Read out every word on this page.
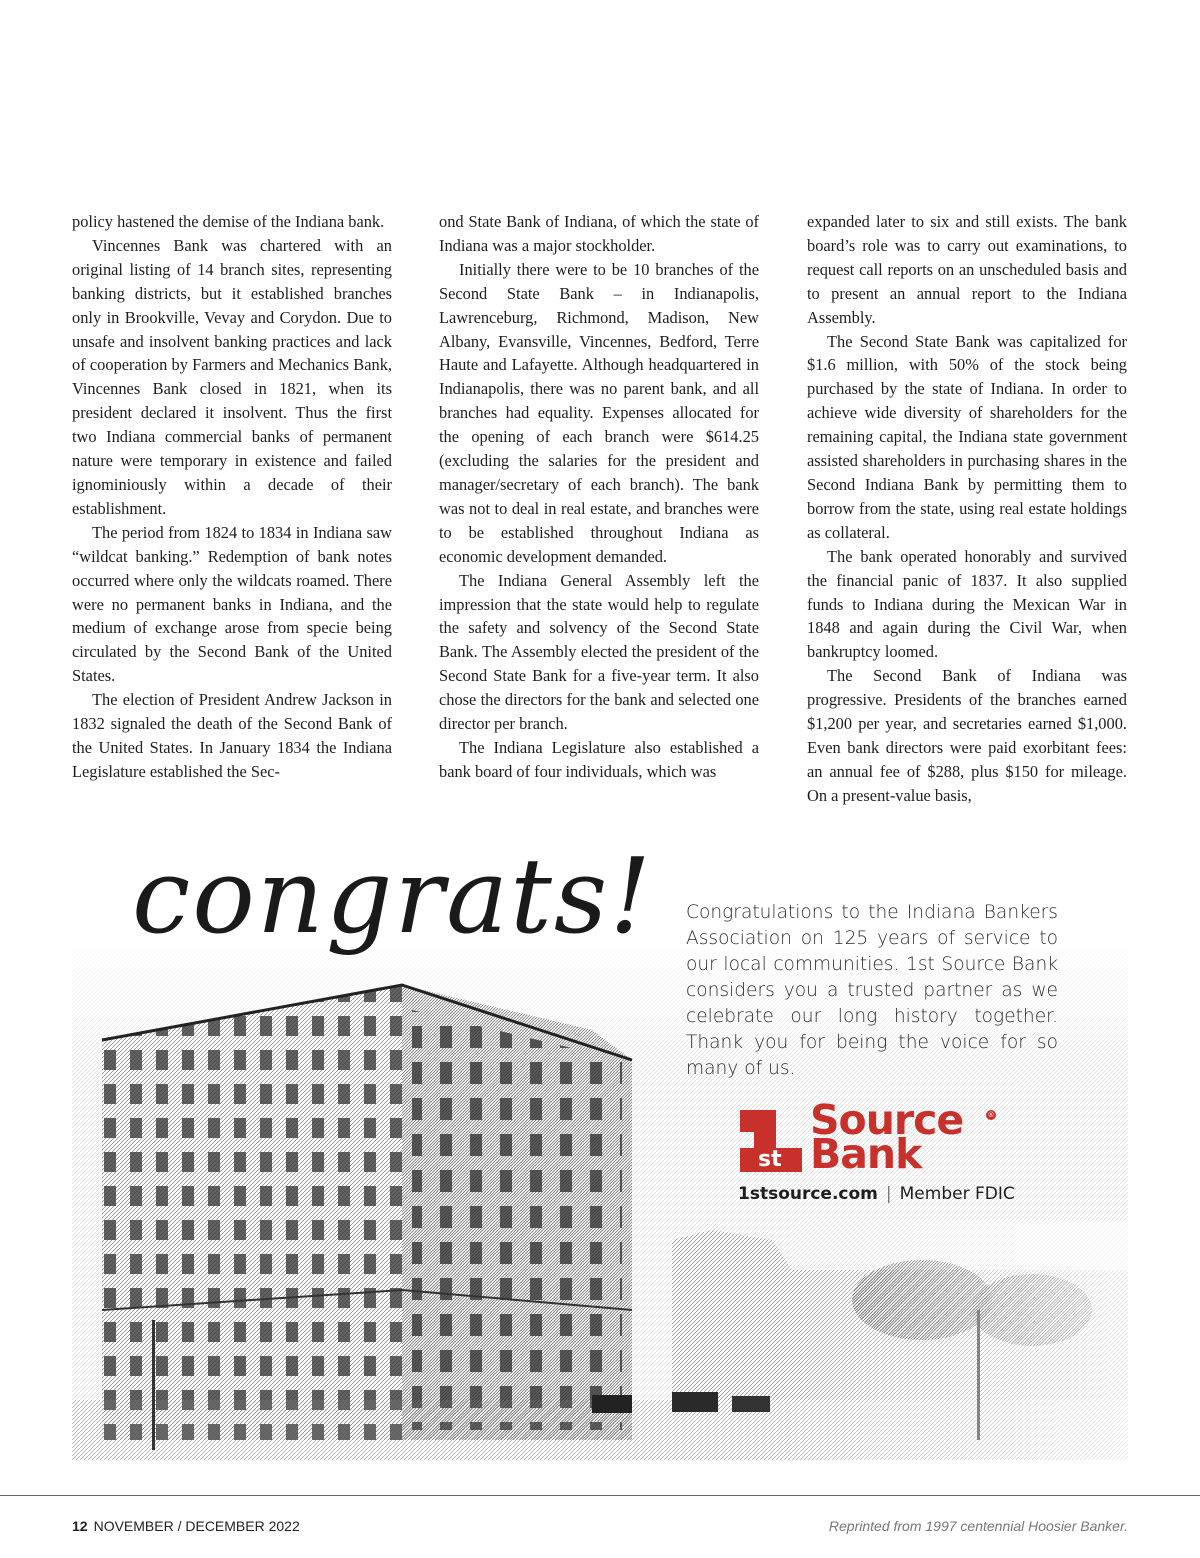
policy hastened the demise of the Indiana bank.

Vincennes Bank was chartered with an original listing of 14 branch sites, representing banking districts, but it established branches only in Brookville, Vevay and Corydon. Due to unsafe and insolvent banking practices and lack of cooperation by Farmers and Mechanics Bank, Vincennes Bank closed in 1821, when its president declared it insolvent. Thus the first two Indiana commercial banks of permanent nature were temporary in existence and failed ignominiously within a decade of their establishment.

The period from 1824 to 1834 in Indiana saw “wildcat banking.” Redemption of bank notes occurred where only the wildcats roamed. There were no permanent banks in Indiana, and the medium of exchange arose from specie being circulated by the Second Bank of the United States.

The election of President Andrew Jackson in 1832 signaled the death of the Second Bank of the United States. In January 1834 the Indiana Legislature established the Sec-

ond State Bank of Indiana, of which the state of Indiana was a major stockholder.

Initially there were to be 10 branches of the Second State Bank – in Indianapolis, Lawrenceburg, Richmond, Madison, New Albany, Evansville, Vincennes, Bedford, Terre Haute and Lafayette. Although headquartered in Indianapolis, there was no parent bank, and all branches had equality. Expenses allocated for the opening of each branch were $614.25 (excluding the salaries for the president and manager/secretary of each branch). The bank was not to deal in real estate, and branches were to be established throughout Indiana as economic development demanded.

The Indiana General Assembly left the impression that the state would help to regulate the safety and solvency of the Second State Bank. The Assembly elected the president of the Second State Bank for a five-year term. It also chose the directors for the bank and selected one director per branch.

The Indiana Legislature also established a bank board of four individuals, which was

expanded later to six and still exists. The bank board’s role was to carry out examinations, to request call reports on an unscheduled basis and to present an annual report to the Indiana Assembly.

The Second State Bank was capitalized for $1.6 million, with 50% of the stock being purchased by the state of Indiana. In order to achieve wide diversity of shareholders for the remaining capital, the Indiana state government assisted shareholders in purchasing shares in the Second Indiana Bank by permitting them to borrow from the state, using real estate holdings as collateral.

The bank operated honorably and survived the financial panic of 1837. It also supplied funds to Indiana during the Mexican War in 1848 and again during the Civil War, when bankruptcy loomed.

The Second Bank of Indiana was progressive. Presidents of the branches earned $1,200 per year, and secretaries earned $1,000. Even bank directors were paid exorbitant fees: an annual fee of $288, plus $150 for mileage. On a present-value basis,

congrats! Congratulations to the Indiana Bankers Association on 125 years of service to our local communities. 1st Source Bank considers you a trusted partner as we celebrate our long history together. Thank you for being the voice for so many of us.
st
Source
Bank
®
1stsource.com | Member FDIC
12 NOVEMBER / DECEMBER 2022	Reprinted from 1997 centennial Hoosier Banker.
